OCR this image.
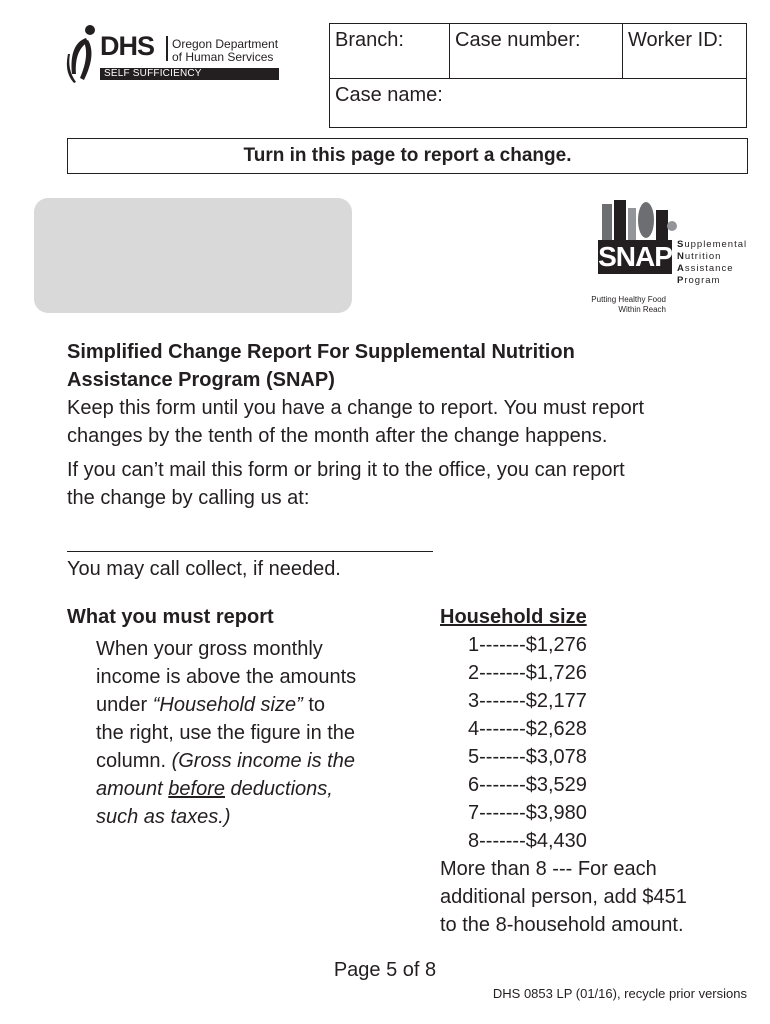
DHS Oregon Department
of Human Services
SELF SUFFICIENCY
Branch:	Case number: Worker ID:
Case name:
Turn in this page to report a change.
SNAP Supplemental
Nutrition
Assistance
Program
Putting Healthy Food
Within Reach
Simplified Change Report For Supplemental Nutrition
Assistance Program (SNAP)
Keep this form until you have a change to report. You must report
changes by the tenth of the month after the change happens.
If you can’t mail this form or bring it to the office, you can report
the change by calling us at:
You may call collect, if needed.
What you must report
When your gross monthly
income is above the amounts
under “Household size” to
the right, use the figure in the
column. (Gross income is the
amount before deductions,
such as taxes.)
Household size
1-------$1,276
2-------$1,726
3-------$2,177
4-------$2,628
5-------$3,078
6-------$3,529
7-------$3,980
8-------$4,430
More than 8 --- For each
additional person, add $451
to the 8-household amount.
Page 5 of 8
DHS 0853 LP (01/16), recycle prior versions
